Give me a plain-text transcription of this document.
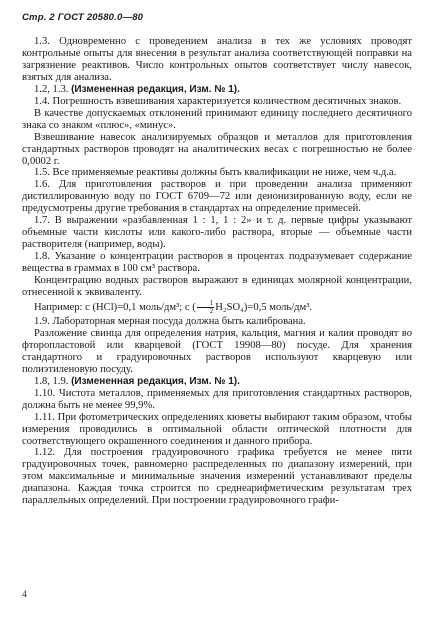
Стр. 2 ГОСТ 20580.0—80

1.3. Одновременно с проведением анализа в тех же условиях проводят контрольные опыты для внесения в результат анализа соответствующей поправки на загрязнение реактивов. Число контрольных опытов соответствует числу навесок, взятых для анализа.

1.2, 1.3. (Измененная редакция, Изм. № 1).

1.4. Погрешность взвешивания характеризуется количеством десятичных знаков.

В качестве допускаемых отклонений принимают единицу последнего десятичного знака со знаком «плюс», «минус».

Взвешивание навесок анализируемых образцов и металлов для приготовления стандартных растворов проводят на аналитических весах с погрешностью не более 0,0002 г.

1.5. Все применяемые реактивы должны быть квалификации не ниже, чем ч.д.а.

1.6. Для приготовления растворов и при проведении анализа применяют дистиллированную воду по ГОСТ 6709—72 или деионизированную воду, если не предусмотрены другие требования в стандартах на определение примесей.

1.7. В выражении «разбавленная 1 : 1, 1 : 2» и т. д. первые цифры указывают объемные части кислоты или какого-либо раствора, вторые — объемные части растворителя (например, воды).

1.8. Указание о концентрации растворов в процентах подразумевает содержание вещества в граммах в 100 см³ раствора.

Концентрацию водных растворов выражают в единицах молярной концентрации, отнесенной к эквиваленту.

Например: c (HCl)=0,1 моль/дм³; c ( $\frac{1}{2} H_2SO_4)=0,5$ моль/дм³.

1.9. Лабораторная мерная посуда должна быть калибрована.

Разложение свинца для определения натрия, кальция, магния и калия проводят во фторопластовой или кварцевой (ГОСТ 19908—80) посуде. Для хранения стандартного и градуировочных растворов используют кварцевую или полиэтиленовую посуду.

1.8, 1.9. (Измененная редакция, Изм. № 1).

1.10. Чистота металлов, применяемых для приготовления стандартных растворов, должна быть не менее 99,9%.

1.11. При фотометрических определениях кюветы выбирают таким образом, чтобы измерения проводились в оптимальной области оптической плотности для соответствующего окрашенного соединения и данного прибора.

1.12. Для построения градуировочного графика требуется не менее пяти градуировочных точек, равномерно распределенных по диапазону измерений, при этом максимальные и минимальные значения измерений устанавливают пределы диапазона. Каждая точка строится по среднеарифметическим результатам трех параллельных определений. При построении градуировочного графи-

4
